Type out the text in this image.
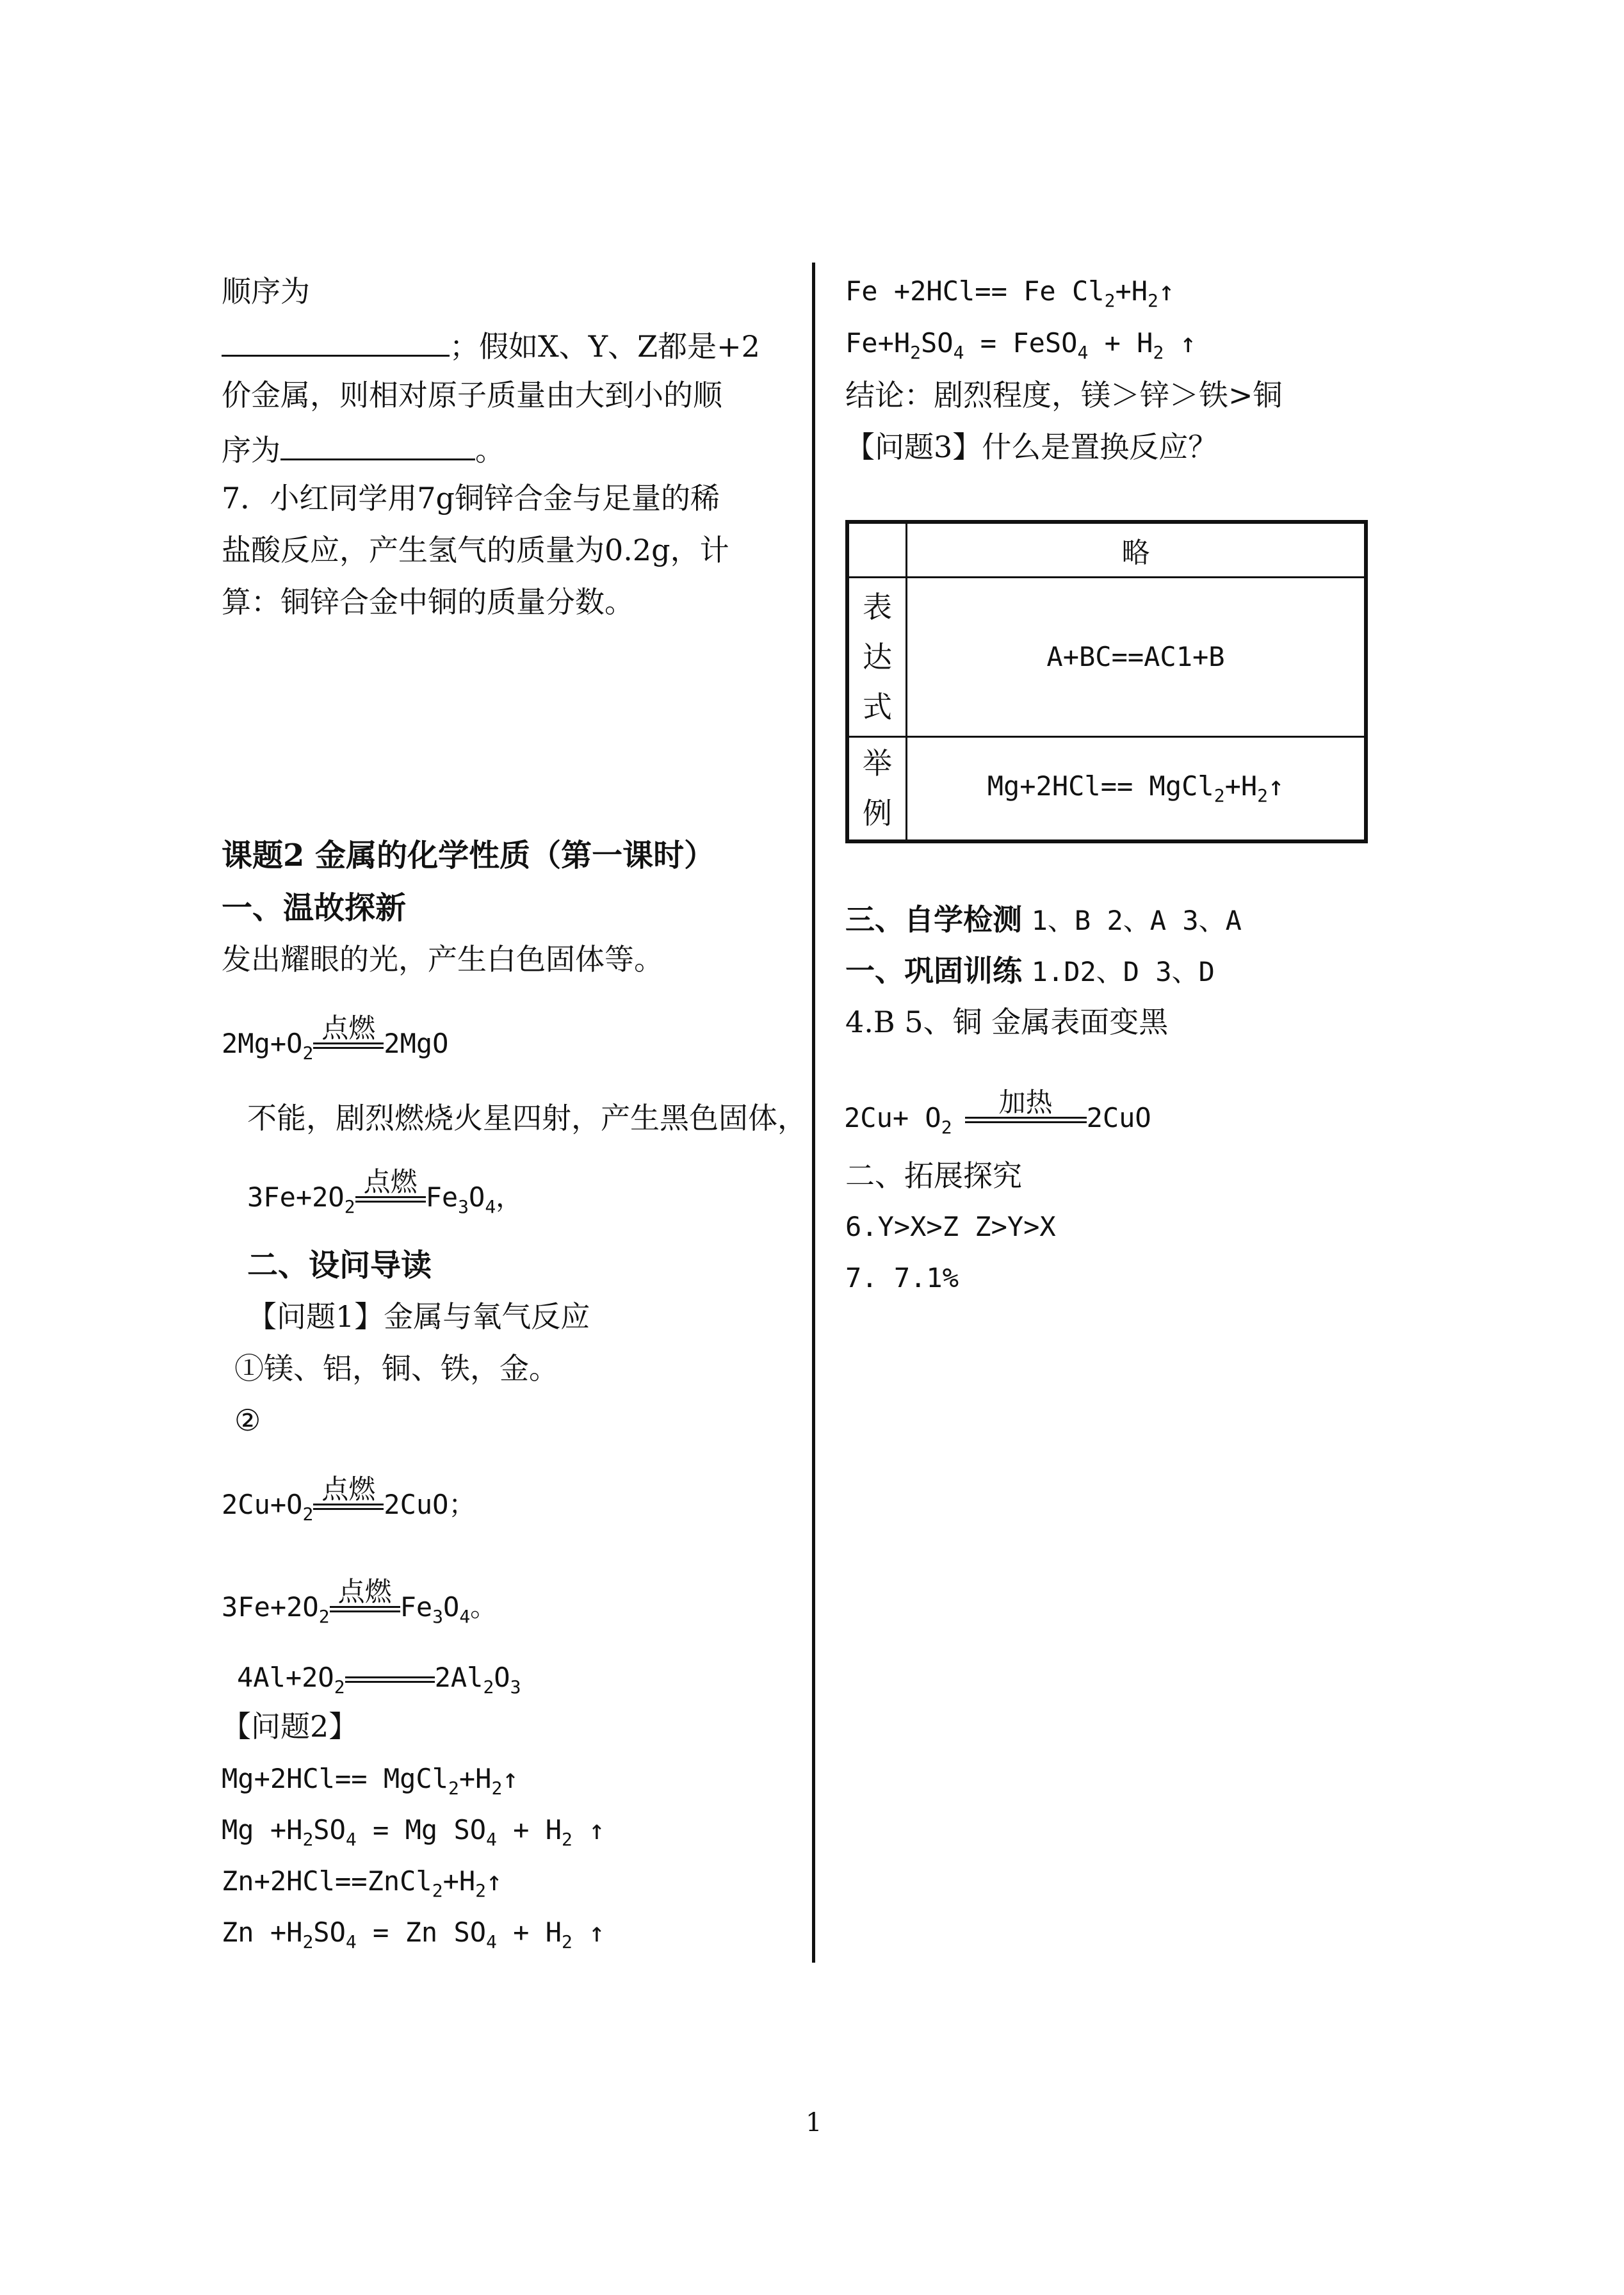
顺序为
；假如X、Y、Z都是+2
价金属，则相对原子质量由大到小的顺
序为	。
7．小红同学用7g铜锌合金与足量的稀
盐酸反应，产生氢气的质量为0.2g，计
算：铜锌合金中铜的质量分数。
课题2 金属的化学性质（第一课时）
一、温故探新
发出耀眼的光，产生白色固体等。
$2Mg+O_2$
点燃 2MgO
不能，剧烈燃烧火星四射，产生黑色固体，
$3Fe+2O_2$
点燃 $Fe_3O_4$，
二、设问导读
【问题1】金属与氧气反应
①镁、铝，铜、铁，金。
②
$2Cu+O_2$
点燃 2CuO；
$3Fe+2O_2$
点燃 $Fe_3O_4$。
$4Al+2O_2$	$2Al_2O_3$
【问题2】
$Mg+2HCl== MgCl_2+H_2↑$
$Mg +H_2SO_4 = Mg$ $SO_4 + H_2$ ↑
$Zn+2HCl==ZnCl_2+H_2↑$
$Zn +H_2SO_4 = Zn$ $SO_4 + H_2$ ↑
Fe +2HCl== Fe $Cl_2+H_2↑$
$Fe+H_2SO_4$ = FeSO$_4$ + $H_2$ ↑
结论：剧烈程度，镁＞锌＞铁>铜
【问题3】什么是置换反应？
	略

表
达
式	A+BC==AC1+B

举
例	$Mg+2HCl== MgCl_2+H_2↑$
三、自学检测 1、B 2、A 3、A
一、巩固训练 1.D2、D 3、D
4.B 5、铜 金属表面变黑
$2Cu+ O_2$
加热	2CuO
二、拓展探究
6.Y>X>Z Z>Y>X
7. 7.1%
1
